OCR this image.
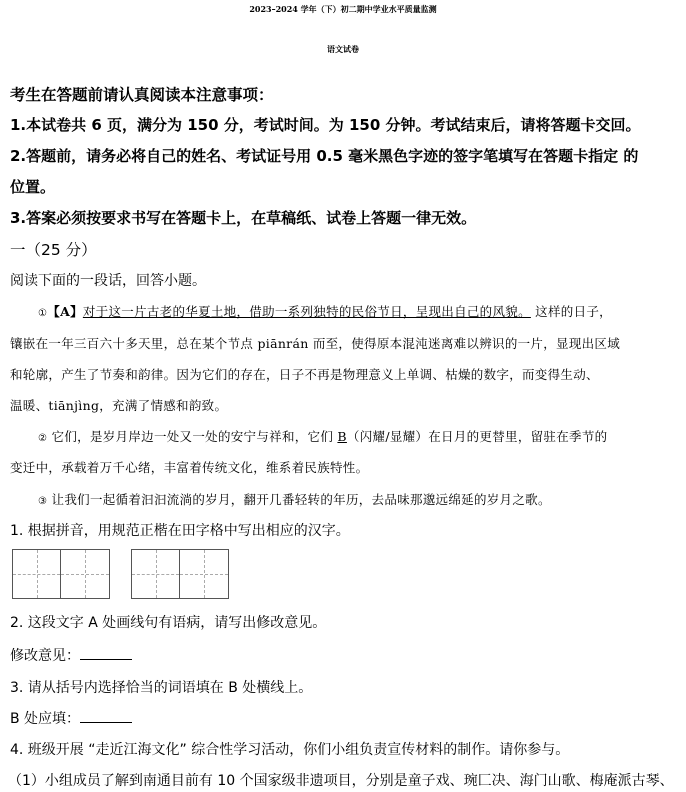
2023–2024 学年（下）初二期中学业水平质量监测
语文试卷
考生在答题前请认真阅读本注意事项：
1.本试卷共 6 页，满分为 150 分，考试时间。为 150 分钟。考试结束后，请将答题卡交回。
2.答题前，请务必将自己的姓名、考试证号用 0.5 毫米黑色字迹的签字笔填写在答题卡指定 的
位置。
3.答案必须按要求书写在答题卡上，在草稿纸、试卷上答题一律无效。
一（25 分）
阅读下面的一段话，回答小题。
①【A】对于这一片古老的华夏土地，借助一系列独特的民俗节日，呈现出自己的风貌。 这样的日子，
镶嵌在一年三百六十多天里，总在某个节点 piānrán 而至，使得原本混沌迷离难以辨识的一片，显现出区域
和轮廓，产生了节奏和韵律。因为它们的存在，日子不再是物理意义上单调、枯燥的数字，而变得生动、
温暖、tiānjìng，充满了情感和韵致。
② 它们，是岁月岸边一处又一处的安宁与祥和，它们 B（闪耀/显耀）在日月的更替里，留驻在季节的
变迁中，承载着万千心绪，丰富着传统文化，维系着民族特性。
③ 让我们一起循着汩汩流淌的岁月，翻开几番轻转的年历，去品味那邈远绵延的岁月之歌。
1. 根据拼音，用规范正楷在田字格中写出相应的汉字。
2. 这段文字 A 处画线句有语病，请写出修改意见。
修改意见：
3. 请从括号内选择恰当的词语填在 B 处横线上。
B 处应填：
4. 班级开展 “走近江海文化” 综合性学习活动，你们小组负责宣传材料的制作。请你参与。
（1）小组成员了解到南通目前有 10 个国家级非遗项目，分别是童子戏、琬匚决、海门山歌、梅庵派古琴、
